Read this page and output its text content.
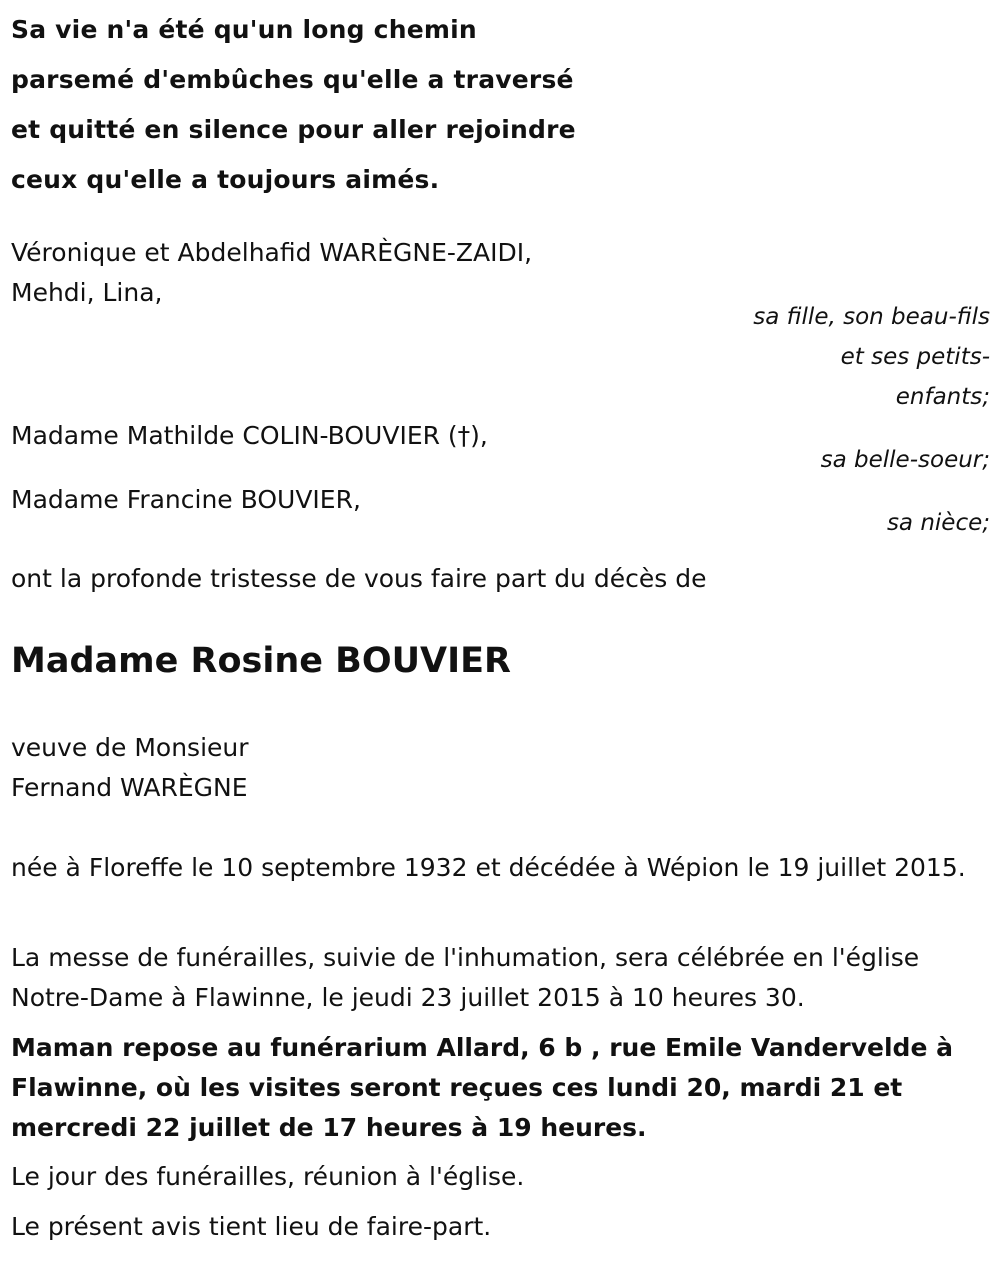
Sa vie n'a été qu'un long chemin
parsemé d'embûches qu'elle a traversé
et quitté en silence pour aller rejoindre
ceux qu'elle a toujours aimés.
Véronique et Abdelhafid WARÈGNE-ZAIDI,
Mehdi, Lina,
sa fille, son beau-fils
et ses petits-
enfants;
Madame Mathilde COLIN-BOUVIER (†),
sa belle-soeur;
Madame Francine BOUVIER,
sa nièce;
ont la profonde tristesse de vous faire part du décès de
Madame Rosine BOUVIER
veuve de Monsieur
Fernand WARÈGNE
née à Floreffe le 10 septembre 1932 et décédée à Wépion le 19 juillet 2015.
La messe de funérailles, suivie de l'inhumation, sera célébrée en l'église Notre-Dame à Flawinne, le jeudi 23 juillet 2015 à 10 heures 30.
Maman repose au funérarium Allard, 6 b , rue Emile Vandervelde à Flawinne, où les visites seront reçues ces lundi 20, mardi 21 et mercredi 22 juillet de 17 heures à 19 heures.
Le jour des funérailles, réunion à l'église.
Le présent avis tient lieu de faire-part.
